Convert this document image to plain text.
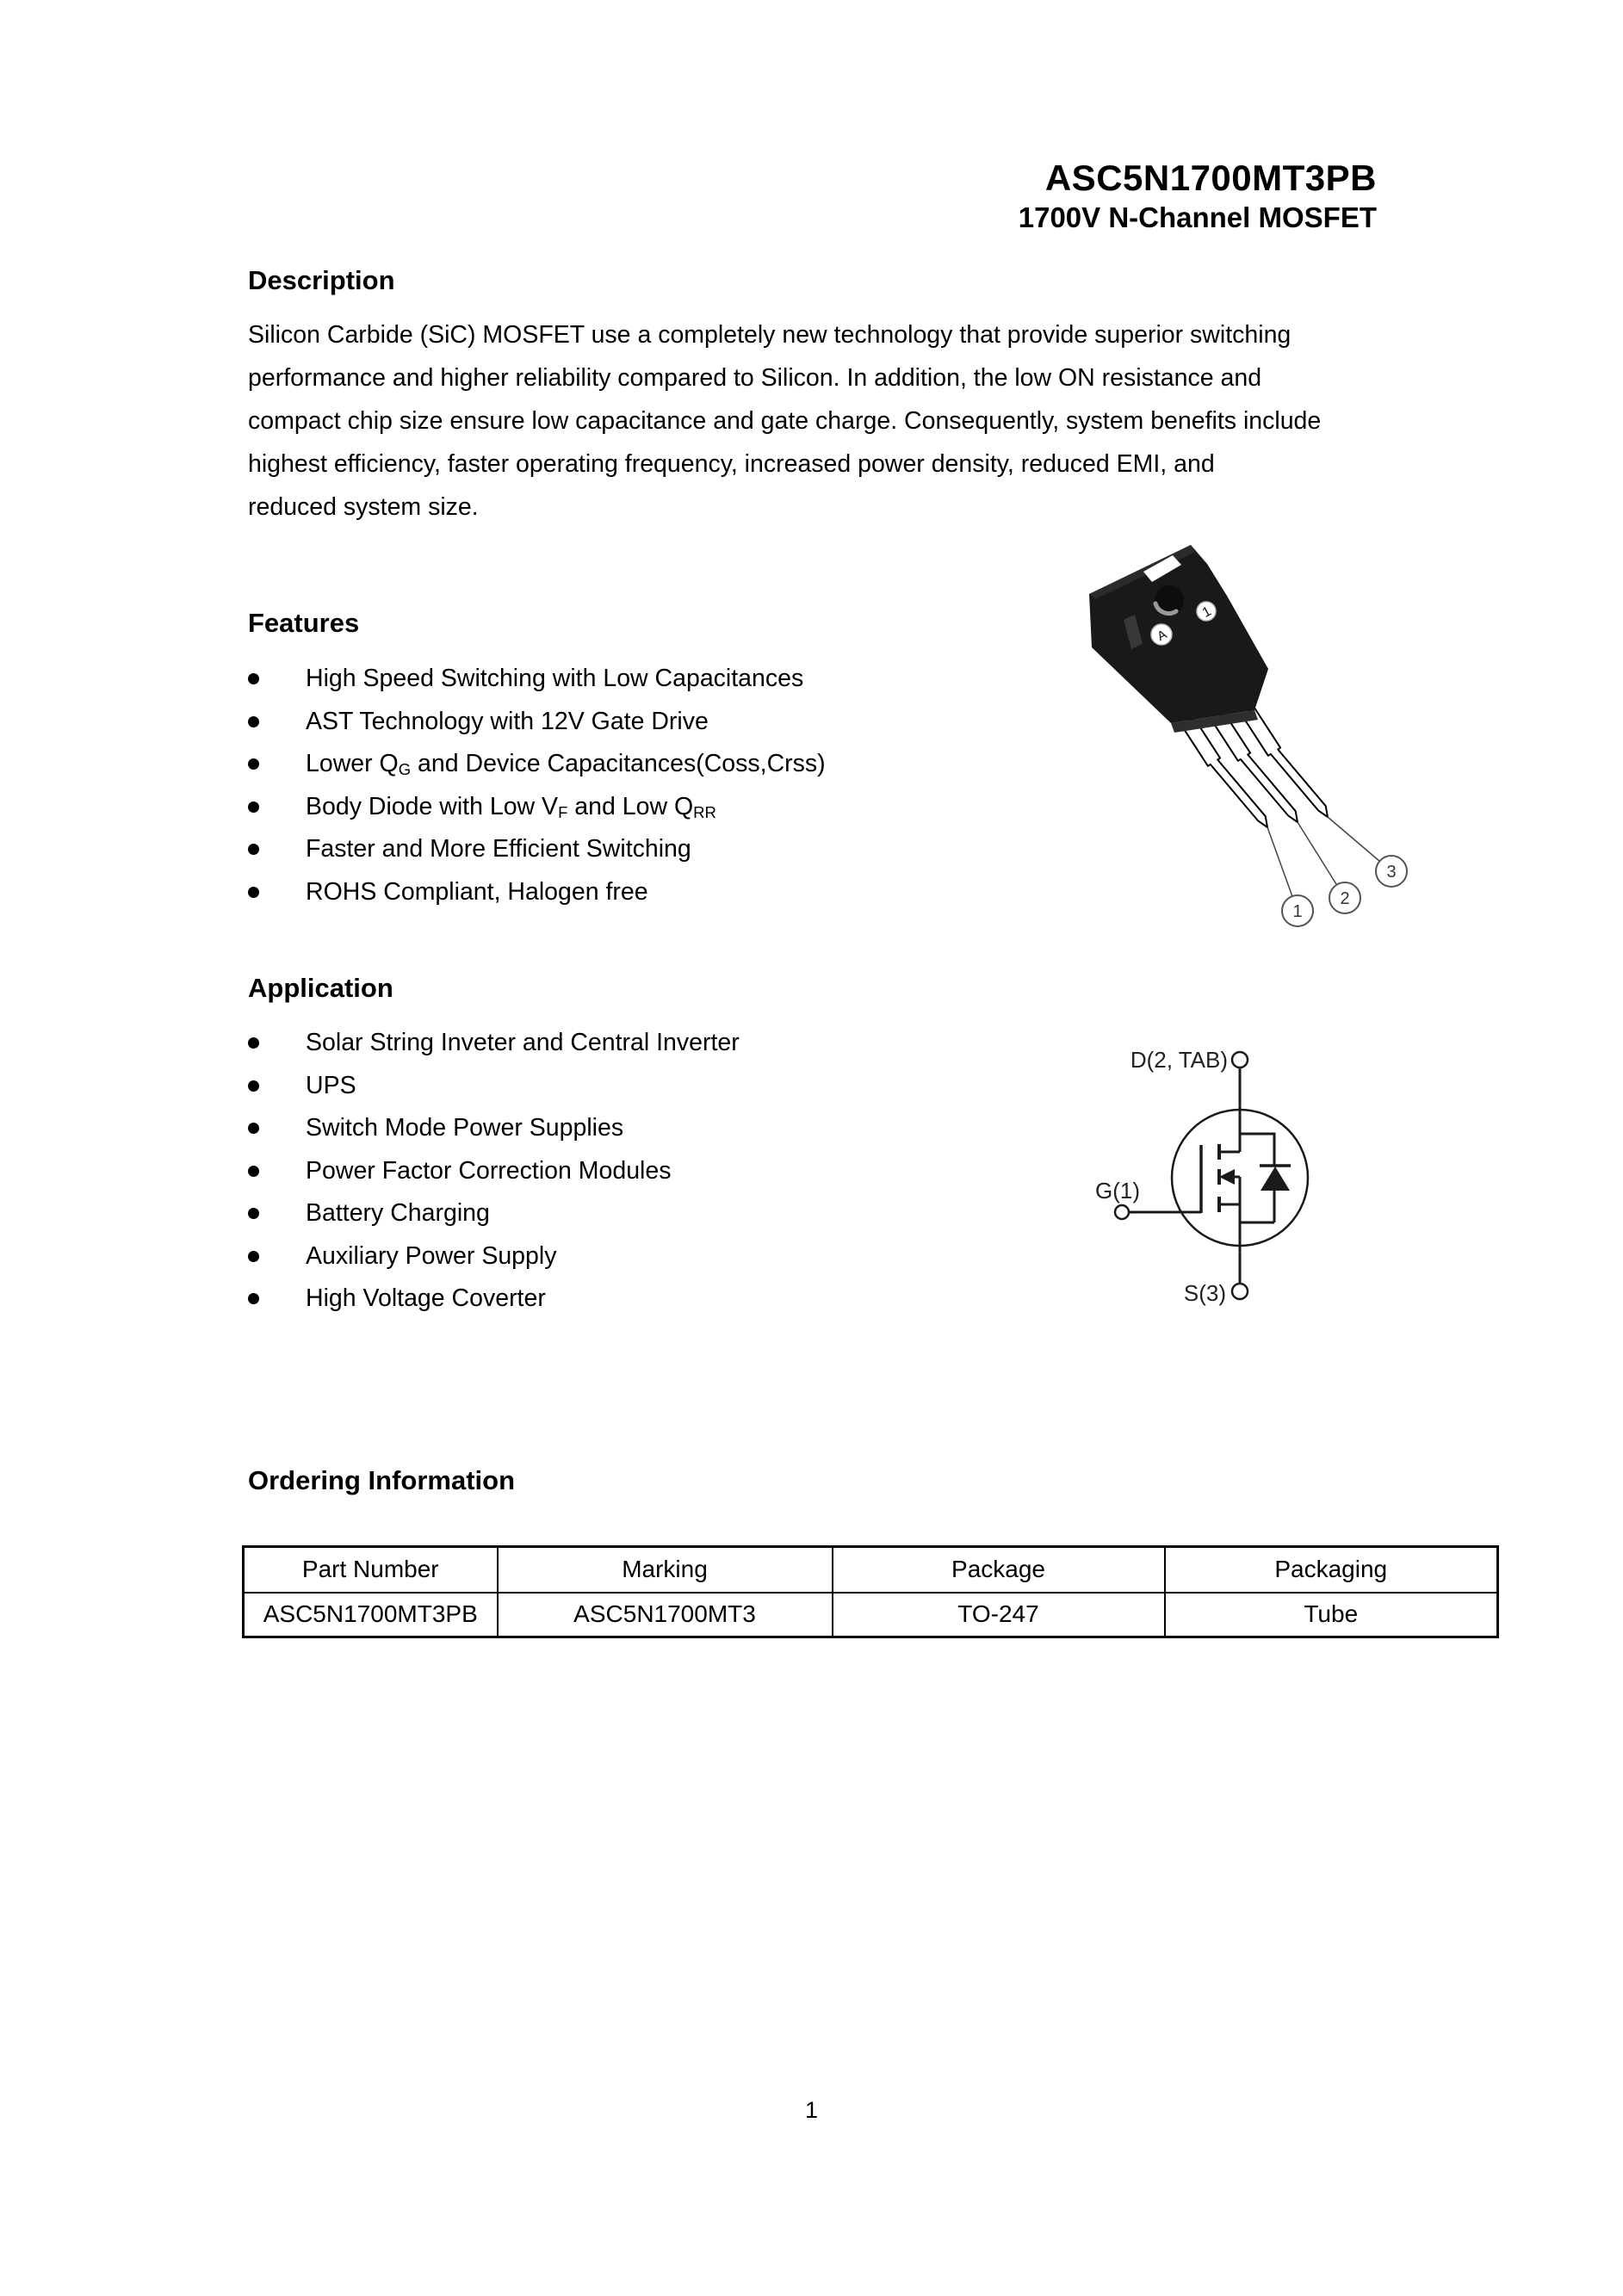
ASC5N1700MT3PB
1700V N-Channel MOSFET
Description
Silicon Carbide (SiC) MOSFET use a completely new technology that provide superior switching
performance and higher reliability compared to Silicon. In addition, the low ON resistance and
compact chip size ensure low capacitance and gate charge. Consequently, system benefits include
highest efficiency, faster operating frequency, increased power density, reduced EMI, and
reduced system size.
Features
High Speed Switching with Low Capacitances
AST Technology with 12V Gate Drive
Lower $Q_G$ and Device Capacitances(Coss,Crss)
Body Diode with Low $V_F$ and Low $Q_{RR}$
Faster and More Efficient Switching
ROHS Compliant, Halogen free
Application
Solar String Inveter and Central Inverter
UPS
Switch Mode Power Supplies
Power Factor Correction Modules
Battery Charging
Auxiliary Power Supply
High Voltage Coverter
1
A
1
2
3
D(2, TAB)
G(1)
S(3)
Ordering Information
Part Number	Marking	Package	Packaging
ASC5N1700MT3PB	ASC5N1700MT3	TO-247	Tube
1
